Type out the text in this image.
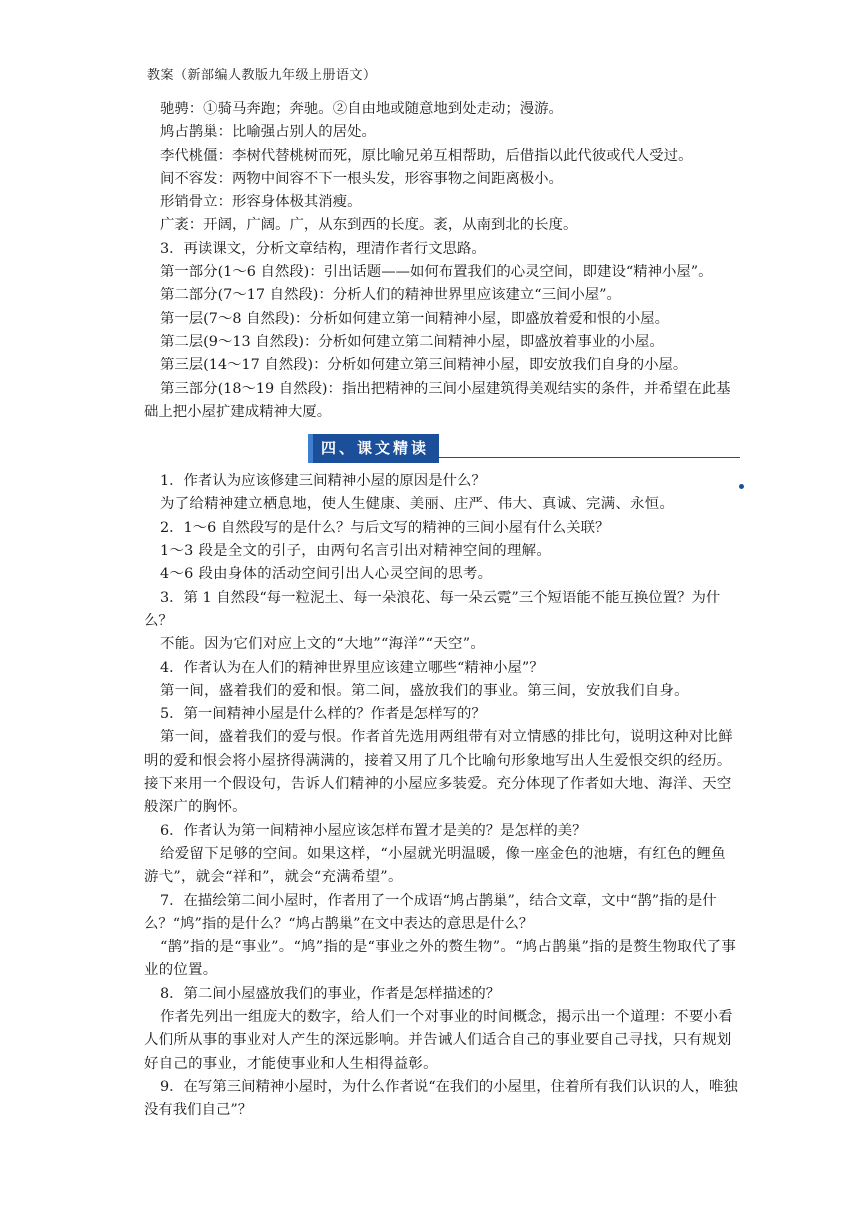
教案（新部编人教版九年级上册语文）

驰骋：①骑马奔跑；奔驰。②自由地或随意地到处走动；漫游。

鸠占鹊巢：比喻强占别人的居处。

李代桃僵：李树代替桃树而死，原比喻兄弟互相帮助，后借指以此代彼或代人受过。

间不容发：两物中间容不下一根头发，形容事物之间距离极小。

形销骨立：形容身体极其消瘦。

广袤：开阔，广阔。广，从东到西的长度。袤，从南到北的长度。

3．再读课文，分析文章结构，理清作者行文思路。

第一部分(1～6 自然段)：引出话题——如何布置我们的心灵空间，即建设“精神小屋”。

第二部分(7～17 自然段)：分析人们的精神世界里应该建立“三间小屋”。

第一层(7～8 自然段)：分析如何建立第一间精神小屋，即盛放着爱和恨的小屋。

第二层(9～13 自然段)：分析如何建立第二间精神小屋，即盛放着事业的小屋。

第三层(14～17 自然段)：分析如何建立第三间精神小屋，即安放我们自身的小屋。

第三部分(18～19 自然段)：指出把精神的三间小屋建筑得美观结实的条件，并希望在此基础上把小屋扩建成精神大厦。

四、课文精读

1．作者认为应该修建三间精神小屋的原因是什么？

为了给精神建立栖息地，使人生健康、美丽、庄严、伟大、真诚、完满、永恒。

2．1～6 自然段写的是什么？与后文写的精神的三间小屋有什么关联？

1～3 段是全文的引子，由两句名言引出对精神空间的理解。

4～6 段由身体的活动空间引出人心灵空间的思考。

3．第 1 自然段“每一粒泥土、每一朵浪花、每一朵云霓”三个短语能不能互换位置？为什么？

不能。因为它们对应上文的“大地”“海洋”“天空”。

4．作者认为在人们的精神世界里应该建立哪些“精神小屋”？

第一间，盛着我们的爱和恨。第二间，盛放我们的事业。第三间，安放我们自身。

5．第一间精神小屋是什么样的？作者是怎样写的？

第一间，盛着我们的爱与恨。作者首先选用两组带有对立情感的排比句，说明这种对比鲜明的爱和恨会将小屋挤得满满的，接着又用了几个比喻句形象地写出人生爱恨交织的经历。接下来用一个假设句，告诉人们精神的小屋应多装爱。充分体现了作者如大地、海洋、天空般深广的胸怀。

6．作者认为第一间精神小屋应该怎样布置才是美的？是怎样的美？

给爱留下足够的空间。如果这样，“小屋就光明温暖，像一座金色的池塘，有红色的鲤鱼游弋”，就会“祥和”，就会“充满希望”。

7．在描绘第二间小屋时，作者用了一个成语“鸠占鹊巢”，结合文章，文中“鹊”指的是什么？“鸠”指的是什么？“鸠占鹊巢”在文中表达的意思是什么？

“鹊”指的是“事业”。“鸠”指的是“事业之外的赘生物”。“鸠占鹊巢”指的是赘生物取代了事业的位置。

8．第二间小屋盛放我们的事业，作者是怎样描述的？

作者先列出一组庞大的数字，给人们一个对事业的时间概念，揭示出一个道理：不要小看人们所从事的事业对人产生的深远影响。并告诫人们适合自己的事业要自己寻找，只有规划好自己的事业，才能使事业和人生相得益彰。

9．在写第三间精神小屋时，为什么作者说“在我们的小屋里，住着所有我们认识的人，唯独没有我们自己”？
